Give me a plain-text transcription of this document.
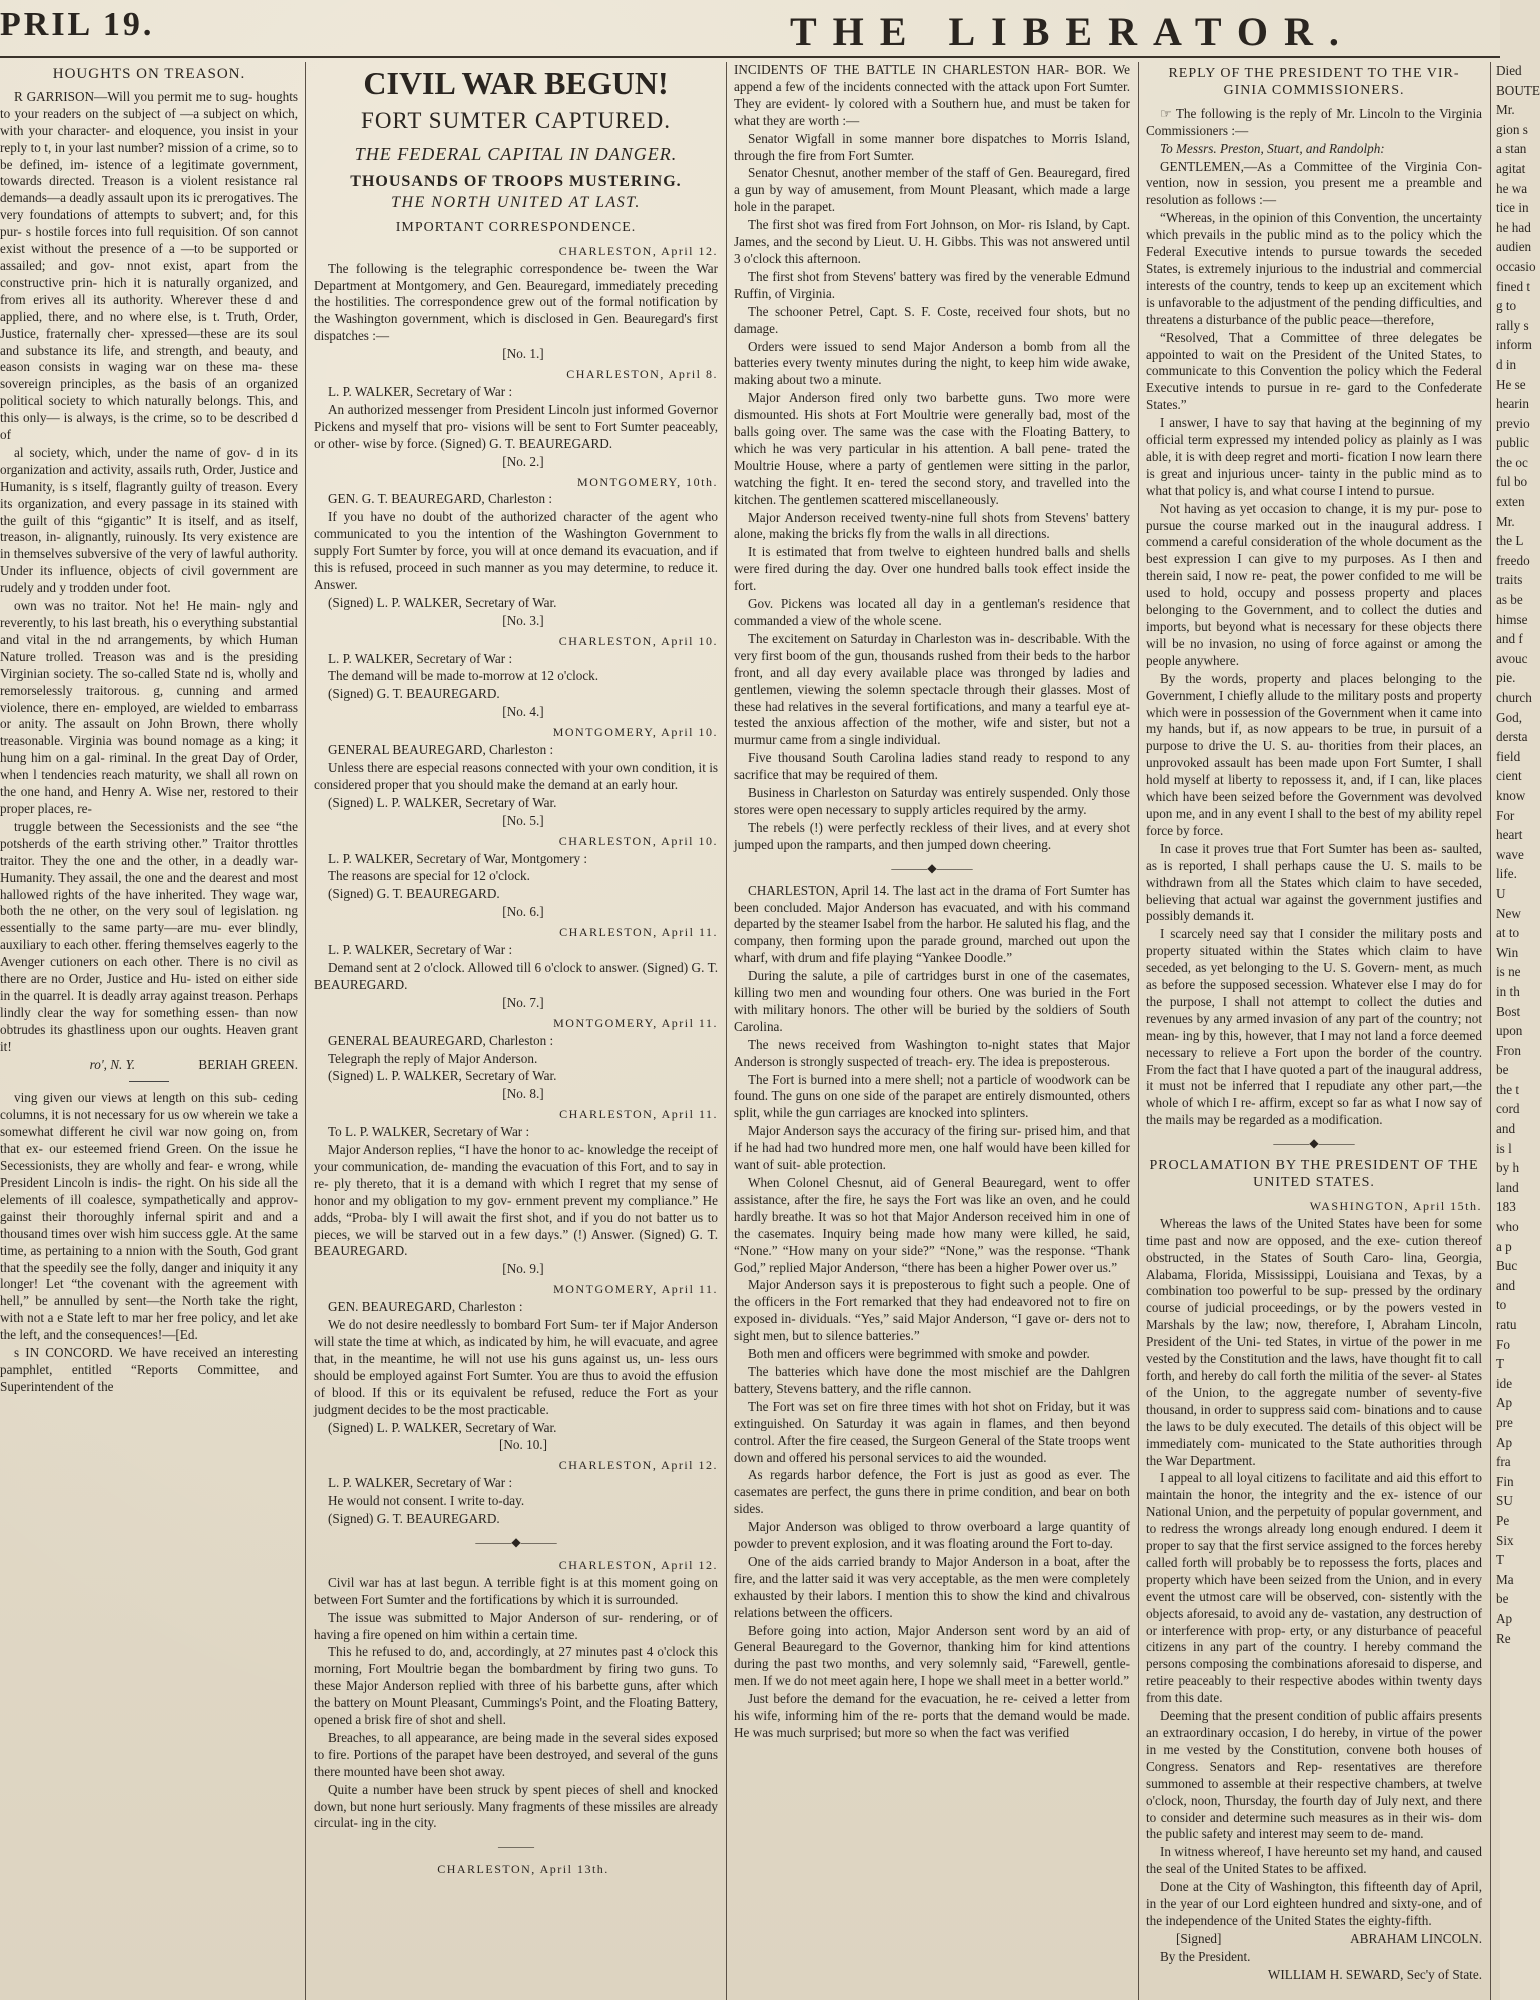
PRIL 19.	THE LIBERATOR.
HOUGHTS ON TREASON.

R GARRISON—Will you permit me to sug- houghts to your readers on the subject of —a subject on which, with your character- and eloquence, you insist in your reply to t, in your last number? mission of a crime, so to be defined, im- istence of a legitimate government, towards directed. Treason is a violent resistance ral demands—a deadly assault upon its ic prerogatives. The very foundations of attempts to subvert; and, for this pur- s hostile forces into full requisition. Of son cannot exist without the presence of a —to be supported or assailed; and gov- nnot exist, apart from the constructive prin- hich it is naturally organized, and from erives all its authority. Wherever these d and applied, there, and no where else, is t. Truth, Order, Justice, fraternally cher- xpressed—these are its soul and substance its life, and strength, and beauty, and eason consists in waging war on these ma- these sovereign principles, as the basis of an organized political society to which naturally belongs. This, and this only— is always, is the crime, so to be described d of

al society, which, under the name of gov- d in its organization and activity, assails ruth, Order, Justice and Humanity, is s itself, flagrantly guilty of treason. Every its organization, and every passage in its stained with the guilt of this “gigantic” It is itself, and as itself, treason, in- alignantly, ruinously. Its very existence are in themselves subversive of the very of lawful authority. Under its influence, objects of civil government are rudely and y trodden under foot.

own was no traitor. Not he! He main- ngly and reverently, to his last breath, his o everything substantial and vital in the nd arrangements, by which Human Nature trolled. Treason was and is the presiding Virginian society. The so-called State nd is, wholly and remorselessly traitorous. g, cunning and armed violence, there en- employed, are wielded to embarrass or anity. The assault on John Brown, there wholly treasonable. Virginia was bound nomage as a king; it hung him on a gal- riminal. In the great Day of Order, when l tendencies reach maturity, we shall all rown on the one hand, and Henry A. Wise ner, restored to their proper places, re-

truggle between the Secessionists and the see “the potsherds of the earth striving other.” Traitor throttles traitor. They the one and the other, in a deadly war- Humanity. They assail, the one and the dearest and most hallowed rights of the have inherited. They wage war, both the ne other, on the very soul of legislation. ng essentially to the same party—are mu- ever blindly, auxiliary to each other. ffering themselves eagerly to the Avenger cutioners on each other. There is no civil as there are no Order, Justice and Hu- isted on either side in the quarrel. It is deadly array against treason. Perhaps lindly clear the way for something essen- than now obtrudes its ghastliness upon our oughts. Heaven grant it!

ro', N. Y.	BERIAH GREEN.

ving given our views at length on this sub- ceding columns, it is not necessary for us ow wherein we take a somewhat different he civil war now going on, from that ex- our esteemed friend Green. On the issue he Secessionists, they are wholly and fear- e wrong, while President Lincoln is indis- the right. On his side all the elements of ill coalesce, sympathetically and approv- gainst their thoroughly infernal spirit and and a thousand times over wish him success ggle. At the same time, as pertaining to a nnion with the South, God grant that the speedily see the folly, danger and iniquity it any longer! Let “the covenant with the agreement with hell,” be annulled by sent—the North take the right, with not a e State left to mar her free policy, and let ake the left, and the consequences!—[Ed.

s IN CONCORD. We have received an interesting pamphlet, entitled “Reports Committee, and Superintendent of the

CIVIL WAR BEGUN!
FORT SUMTER CAPTURED.
THE FEDERAL CAPITAL IN DANGER.
THOUSANDS OF TROOPS MUSTERING.
THE NORTH UNITED AT LAST.
IMPORTANT CORRESPONDENCE.

CHARLESTON, April 12.

The following is the telegraphic correspondence be- tween the War Department at Montgomery, and Gen. Beauregard, immediately preceding the hostilities. The correspondence grew out of the formal notification by the Washington government, which is disclosed in Gen. Beauregard's first dispatches :—

[No. 1.]

CHARLESTON, April 8.

L. P. WALKER, Secretary of War :

An authorized messenger from President Lincoln just informed Governor Pickens and myself that pro- visions will be sent to Fort Sumter peaceably, or other- wise by force. (Signed) G. T. BEAUREGARD.

[No. 2.]

MONTGOMERY, 10th.

GEN. G. T. BEAUREGARD, Charleston :

If you have no doubt of the authorized character of the agent who communicated to you the intention of the Washington Government to supply Fort Sumter by force, you will at once demand its evacuation, and if this is refused, proceed in such manner as you may determine, to reduce it. Answer.

(Signed) L. P. WALKER, Secretary of War.

[No. 3.]

CHARLESTON, April 10.

L. P. WALKER, Secretary of War :

The demand will be made to-morrow at 12 o'clock.

(Signed) G. T. BEAUREGARD.

[No. 4.]

MONTGOMERY, April 10.

GENERAL BEAUREGARD, Charleston :

Unless there are especial reasons connected with your own condition, it is considered proper that you should make the demand at an early hour.

(Signed) L. P. WALKER, Secretary of War.

[No. 5.]

CHARLESTON, April 10.

L. P. WALKER, Secretary of War, Montgomery :

The reasons are special for 12 o'clock.

(Signed) G. T. BEAUREGARD.

[No. 6.]

CHARLESTON, April 11.

L. P. WALKER, Secretary of War :

Demand sent at 2 o'clock. Allowed till 6 o'clock to answer. (Signed) G. T. BEAUREGARD.

[No. 7.]

MONTGOMERY, April 11.

GENERAL BEAUREGARD, Charleston :

Telegraph the reply of Major Anderson.

(Signed) L. P. WALKER, Secretary of War.

[No. 8.]

CHARLESTON, April 11.

To L. P. WALKER, Secretary of War :

Major Anderson replies, “I have the honor to ac- knowledge the receipt of your communication, de- manding the evacuation of this Fort, and to say in re- ply thereto, that it is a demand with which I regret that my sense of honor and my obligation to my gov- ernment prevent my compliance.” He adds, “Proba- bly I will await the first shot, and if you do not batter us to pieces, we will be starved out in a few days.” (!) Answer. (Signed) G. T. BEAUREGARD.

[No. 9.]

MONTGOMERY, April 11.

GEN. BEAUREGARD, Charleston :

We do not desire needlessly to bombard Fort Sum- ter if Major Anderson will state the time at which, as indicated by him, he will evacuate, and agree that, in the meantime, he will not use his guns against us, un- less ours should be employed against Fort Sumter. You are thus to avoid the effusion of blood. If this or its equivalent be refused, reduce the Fort as your judgment decides to be the most practicable.

(Signed) L. P. WALKER, Secretary of War.

[No. 10.]

CHARLESTON, April 12.

L. P. WALKER, Secretary of War :

He would not consent. I write to-day.

(Signed) G. T. BEAUREGARD.

———◆———

CHARLESTON, April 12.

Civil war has at last begun. A terrible fight is at this moment going on between Fort Sumter and the fortifications by which it is surrounded.

The issue was submitted to Major Anderson of sur- rendering, or of having a fire opened on him within a certain time.

This he refused to do, and, accordingly, at 27 minutes past 4 o'clock this morning, Fort Moultrie began the bombardment by firing two guns. To these Major Anderson replied with three of his barbette guns, after which the battery on Mount Pleasant, Cummings's Point, and the Floating Battery, opened a brisk fire of shot and shell.

Breaches, to all appearance, are being made in the several sides exposed to fire. Portions of the parapet have been destroyed, and several of the guns there mounted have been shot away.

Quite a number have been struck by spent pieces of shell and knocked down, but none hurt seriously. Many fragments of these missiles are already circulat- ing in the city.

———

CHARLESTON, April 13th.

INCIDENTS OF THE BATTLE IN CHARLESTON HAR- BOR. We append a few of the incidents connected with the attack upon Fort Sumter. They are evident- ly colored with a Southern hue, and must be taken for what they are worth :—

Senator Wigfall in some manner bore dispatches to Morris Island, through the fire from Fort Sumter.

Senator Chesnut, another member of the staff of Gen. Beauregard, fired a gun by way of amusement, from Mount Pleasant, which made a large hole in the parapet.

The first shot was fired from Fort Johnson, on Mor- ris Island, by Capt. James, and the second by Lieut. U. H. Gibbs. This was not answered until 3 o'clock this afternoon.

The first shot from Stevens' battery was fired by the venerable Edmund Ruffin, of Virginia.

The schooner Petrel, Capt. S. F. Coste, received four shots, but no damage.

Orders were issued to send Major Anderson a bomb from all the batteries every twenty minutes during the night, to keep him wide awake, making about two a minute.

Major Anderson fired only two barbette guns. Two more were dismounted. His shots at Fort Moultrie were generally bad, most of the balls going over. The same was the case with the Floating Battery, to which he was very particular in his attention. A ball pene- trated the Moultrie House, where a party of gentlemen were sitting in the parlor, watching the fight. It en- tered the second story, and travelled into the kitchen. The gentlemen scattered miscellaneously.

Major Anderson received twenty-nine full shots from Stevens' battery alone, making the bricks fly from the walls in all directions.

It is estimated that from twelve to eighteen hundred balls and shells were fired during the day. Over one hundred balls took effect inside the fort.

Gov. Pickens was located all day in a gentleman's residence that commanded a view of the whole scene.

The excitement on Saturday in Charleston was in- describable. With the very first boom of the gun, thousands rushed from their beds to the harbor front, and all day every available place was thronged by ladies and gentlemen, viewing the solemn spectacle through their glasses. Most of these had relatives in the several fortifications, and many a tearful eye at- tested the anxious affection of the mother, wife and sister, but not a murmur came from a single individual.

Five thousand South Carolina ladies stand ready to respond to any sacrifice that may be required of them.

Business in Charleston on Saturday was entirely suspended. Only those stores were open necessary to supply articles required by the army.

The rebels (!) were perfectly reckless of their lives, and at every shot jumped upon the ramparts, and then jumped down cheering.

———◆———

CHARLESTON, April 14. The last act in the drama of Fort Sumter has been concluded. Major Anderson has evacuated, and with his command departed by the steamer Isabel from the harbor. He saluted his flag, and the company, then forming upon the parade ground, marched out upon the wharf, with drum and fife playing “Yankee Doodle.”

During the salute, a pile of cartridges burst in one of the casemates, killing two men and wounding four others. One was buried in the Fort with military honors. The other will be buried by the soldiers of South Carolina.

The news received from Washington to-night states that Major Anderson is strongly suspected of treach- ery. The idea is preposterous.

The Fort is burned into a mere shell; not a particle of woodwork can be found. The guns on one side of the parapet are entirely dismounted, others split, while the gun carriages are knocked into splinters.

Major Anderson says the accuracy of the firing sur- prised him, and that if he had had two hundred more men, one half would have been killed for want of suit- able protection.

When Colonel Chesnut, aid of General Beauregard, went to offer assistance, after the fire, he says the Fort was like an oven, and he could hardly breathe. It was so hot that Major Anderson received him in one of the casemates. Inquiry being made how many were killed, he said, “None.” “How many on your side?” “None,” was the response. “Thank God,” replied Major Anderson, “there has been a higher Power over us.”

Major Anderson says it is preposterous to fight such a people. One of the officers in the Fort remarked that they had endeavored not to fire on exposed in- dividuals. “Yes,” said Major Anderson, “I gave or- ders not to sight men, but to silence batteries.”

Both men and officers were begrimmed with smoke and powder.

The batteries which have done the most mischief are the Dahlgren battery, Stevens battery, and the rifle cannon.

The Fort was set on fire three times with hot shot on Friday, but it was extinguished. On Saturday it was again in flames, and then beyond control. After the fire ceased, the Surgeon General of the State troops went down and offered his personal services to aid the wounded.

As regards harbor defence, the Fort is just as good as ever. The casemates are perfect, the guns there in prime condition, and bear on both sides.

Major Anderson was obliged to throw overboard a large quantity of powder to prevent explosion, and it was floating around the Fort to-day.

One of the aids carried brandy to Major Anderson in a boat, after the fire, and the latter said it was very acceptable, as the men were completely exhausted by their labors. I mention this to show the kind and chivalrous relations between the officers.

Before going into action, Major Anderson sent word by an aid of General Beauregard to the Governor, thanking him for kind attentions during the past two months, and very solemnly said, “Farewell, gentle- men. If we do not meet again here, I hope we shall meet in a better world.”

Just before the demand for the evacuation, he re- ceived a letter from his wife, informing him of the re- ports that the demand would be made. He was much surprised; but more so when the fact was verified

REPLY OF THE PRESIDENT TO THE VIR- GINIA COMMISSIONERS.

☞ The following is the reply of Mr. Lincoln to the Virginia Commissioners :—

To Messrs. Preston, Stuart, and Randolph:

GENTLEMEN,—As a Committee of the Virginia Con- vention, now in session, you present me a preamble and resolution as follows :—

“Whereas, in the opinion of this Convention, the uncertainty which prevails in the public mind as to the policy which the Federal Executive intends to pursue towards the seceded States, is extremely injurious to the industrial and commercial interests of the country, tends to keep up an excitement which is unfavorable to the adjustment of the pending difficulties, and threatens a disturbance of the public peace—therefore,

“Resolved, That a Committee of three delegates be appointed to wait on the President of the United States, to communicate to this Convention the policy which the Federal Executive intends to pursue in re- gard to the Confederate States.”

I answer, I have to say that having at the beginning of my official term expressed my intended policy as plainly as I was able, it is with deep regret and morti- fication I now learn there is great and injurious uncer- tainty in the public mind as to what that policy is, and what course I intend to pursue.

Not having as yet occasion to change, it is my pur- pose to pursue the course marked out in the inaugural address. I commend a careful consideration of the whole document as the best expression I can give to my purposes. As I then and therein said, I now re- peat, the power confided to me will be used to hold, occupy and possess property and places belonging to the Government, and to collect the duties and imports, but beyond what is necessary for these objects there will be no invasion, no using of force against or among the people anywhere.

By the words, property and places belonging to the Government, I chiefly allude to the military posts and property which were in possession of the Government when it came into my hands, but if, as now appears to be true, in pursuit of a purpose to drive the U. S. au- thorities from their places, an unprovoked assault has been made upon Fort Sumter, I shall hold myself at liberty to repossess it, and, if I can, like places which have been seized before the Government was devolved upon me, and in any event I shall to the best of my ability repel force by force.

In case it proves true that Fort Sumter has been as- saulted, as is reported, I shall perhaps cause the U. S. mails to be withdrawn from all the States which claim to have seceded, believing that actual war against the government justifies and possibly demands it.

I scarcely need say that I consider the military posts and property situated within the States which claim to have seceded, as yet belonging to the U. S. Govern- ment, as much as before the supposed secession. Whatever else I may do for the purpose, I shall not attempt to collect the duties and revenues by any armed invasion of any part of the country; not mean- ing by this, however, that I may not land a force deemed necessary to relieve a Fort upon the border of the country. From the fact that I have quoted a part of the inaugural address, it must not be inferred that I repudiate any other part,—the whole of which I re- affirm, except so far as what I now say of the mails may be regarded as a modification.

———◆———
PROCLAMATION BY THE PRESIDENT OF THE UNITED STATES.

WASHINGTON, April 15th.

Whereas the laws of the United States have been for some time past and now are opposed, and the exe- cution thereof obstructed, in the States of South Caro- lina, Georgia, Alabama, Florida, Mississippi, Louisiana and Texas, by a combination too powerful to be sup- pressed by the ordinary course of judicial proceedings, or by the powers vested in Marshals by the law; now, therefore, I, Abraham Lincoln, President of the Uni- ted States, in virtue of the power in me vested by the Constitution and the laws, have thought fit to call forth, and hereby do call forth the militia of the sever- al States of the Union, to the aggregate number of seventy-five thousand, in order to suppress said com- binations and to cause the laws to be duly executed. The details of this object will be immediately com- municated to the State authorities through the War Department.

I appeal to all loyal citizens to facilitate and aid this effort to maintain the honor, the integrity and the ex- istence of our National Union, and the perpetuity of popular government, and to redress the wrongs already long enough endured. I deem it proper to say that the first service assigned to the forces hereby called forth will probably be to repossess the forts, places and property which have been seized from the Union, and in every event the utmost care will be observed, con- sistently with the objects aforesaid, to avoid any de- vastation, any destruction of or interference with prop- erty, or any disturbance of peaceful citizens in any part of the country. I hereby command the persons composing the combinations aforesaid to disperse, and retire peaceably to their respective abodes within twenty days from this date.

Deeming that the present condition of public affairs presents an extraordinary occasion, I do hereby, in virtue of the power in me vested by the Constitution, convene both houses of Congress. Senators and Rep- resentatives are therefore summoned to assemble at their respective chambers, at twelve o'clock, noon, Thursday, the fourth day of July next, and there to consider and determine such measures as in their wis- dom the public safety and interest may seem to de- mand.

In witness whereof, I have hereunto set my hand, and caused the seal of the United States to be affixed.

Done at the City of Washington, this fifteenth day of April, in the year of our Lord eighteen hundred and sixty-one, and of the independence of the United States the eighty-fifth.

[Signed]	ABRAHAM LINCOLN.

By the President.

WILLIAM H. SEWARD, Sec'y of State.

Died

BOUTE

Mr.

gion s

a stan

agitat

he wa

tice in

he had

audien

occasio

fined t

g to

rally s

inform

d in

He se

hearin

previo

public

the oc

ful bo

exten

Mr.

the L

freedo

traits

as be

himse

and f

avouc

pie.

church

God,

dersta

field

cient

know

For

heart

wave

life.

U

New

at to

Win

is ne

in th

Bost

upon

Fron

be

the t

cord

and

is l

by h

land

183

who

a p

Buc

and

to

ratu

Fo

T

ide

Ap

pre

Ap

fra

Fin

SU

Pe

Six

T

Ma

be

Ap

Re
